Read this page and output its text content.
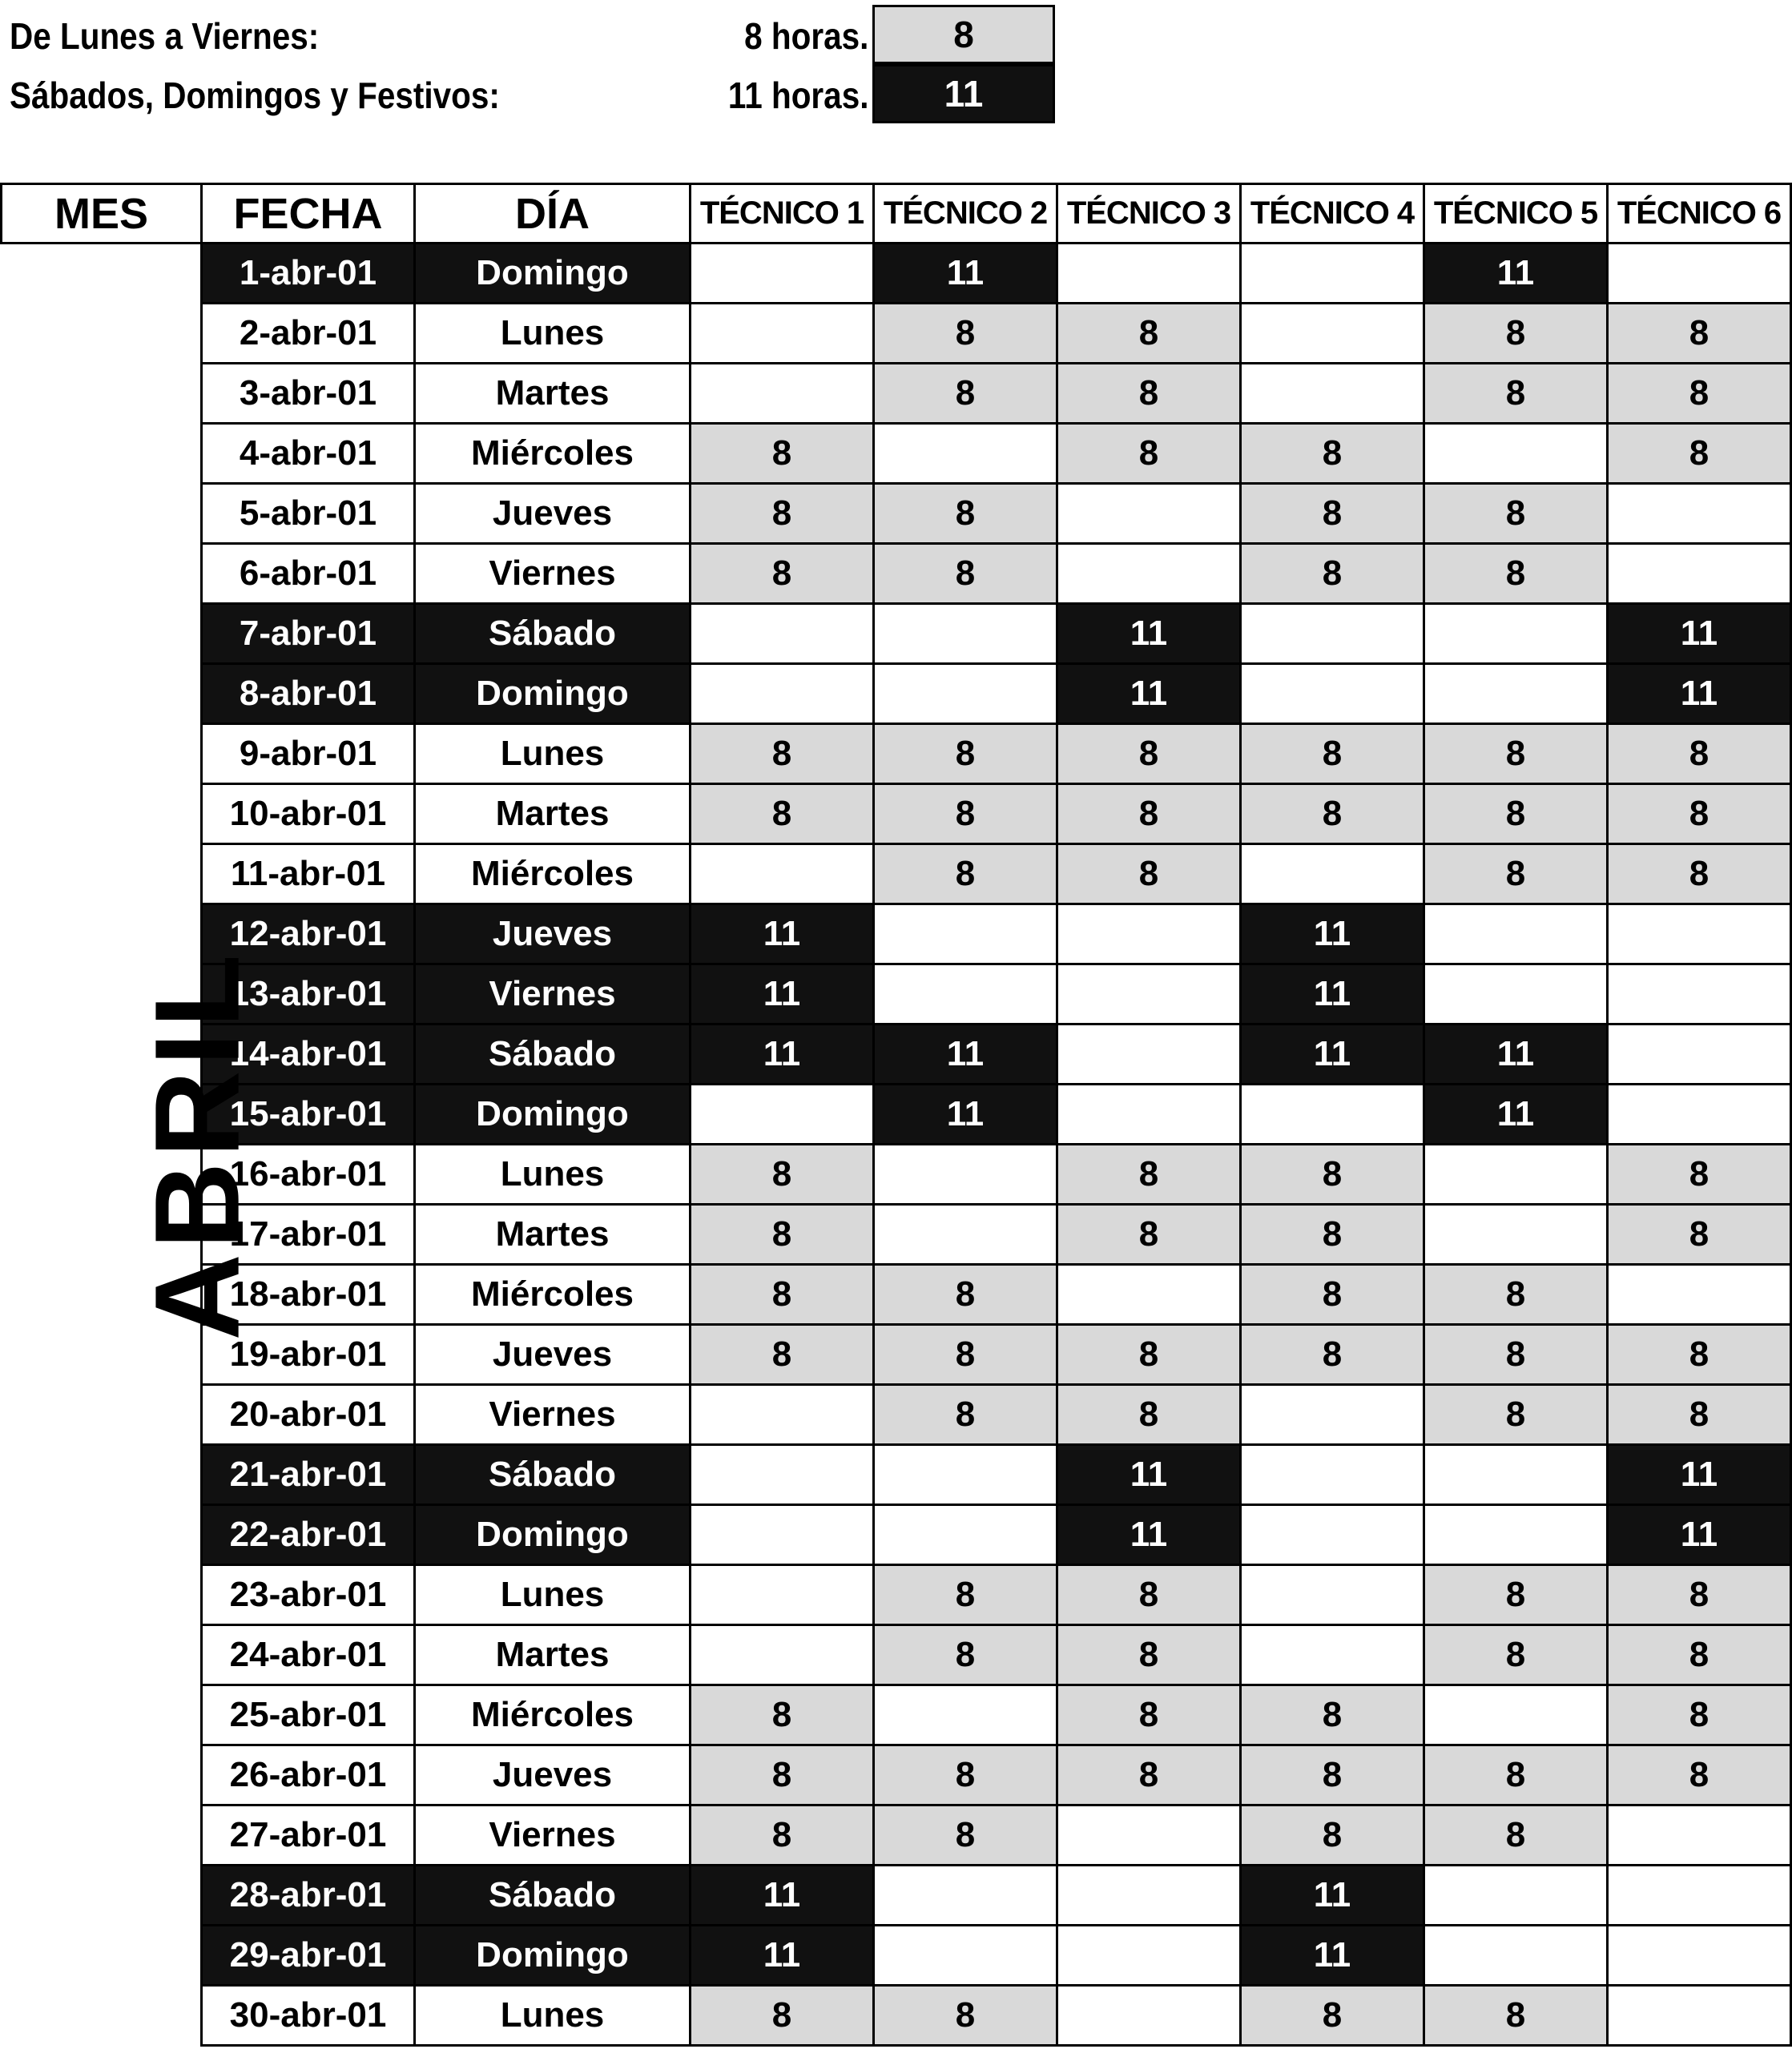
De Lunes a Viernes:	8 horas.	8
Sábados, Domingos y Festivos:	11 horas.	11
MES	FECHA	DÍA	TÉCNICO 1	TÉCNICO 2	TÉCNICO 3	TÉCNICO 4	TÉCNICO 5	TÉCNICO 6
ABRIL	1-abr-01	Domingo		11			11	
	2-abr-01	Lunes		8	8		8	8
	3-abr-01	Martes		8	8		8	8
	4-abr-01	Miércoles	8		8	8		8
	5-abr-01	Jueves	8	8		8	8	
	6-abr-01	Viernes	8	8		8	8	
	7-abr-01	Sábado			11			11
	8-abr-01	Domingo			11			11
	9-abr-01	Lunes	8	8	8	8	8	8
	10-abr-01	Martes	8	8	8	8	8	8
	11-abr-01	Miércoles		8	8		8	8
	12-abr-01	Jueves	11			11		
	13-abr-01	Viernes	11			11		
	14-abr-01	Sábado	11	11		11	11	
	15-abr-01	Domingo		11			11	
	16-abr-01	Lunes	8		8	8		8
	17-abr-01	Martes	8		8	8		8
	18-abr-01	Miércoles	8	8		8	8	
	19-abr-01	Jueves	8	8	8	8	8	8
	20-abr-01	Viernes		8	8		8	8
	21-abr-01	Sábado			11			11
	22-abr-01	Domingo			11			11
	23-abr-01	Lunes		8	8		8	8
	24-abr-01	Martes		8	8		8	8
	25-abr-01	Miércoles	8		8	8		8
	26-abr-01	Jueves	8	8	8	8	8	8
	27-abr-01	Viernes	8	8		8	8	
	28-abr-01	Sábado	11			11		
	29-abr-01	Domingo	11			11		
	30-abr-01	Lunes	8	8		8	8	
